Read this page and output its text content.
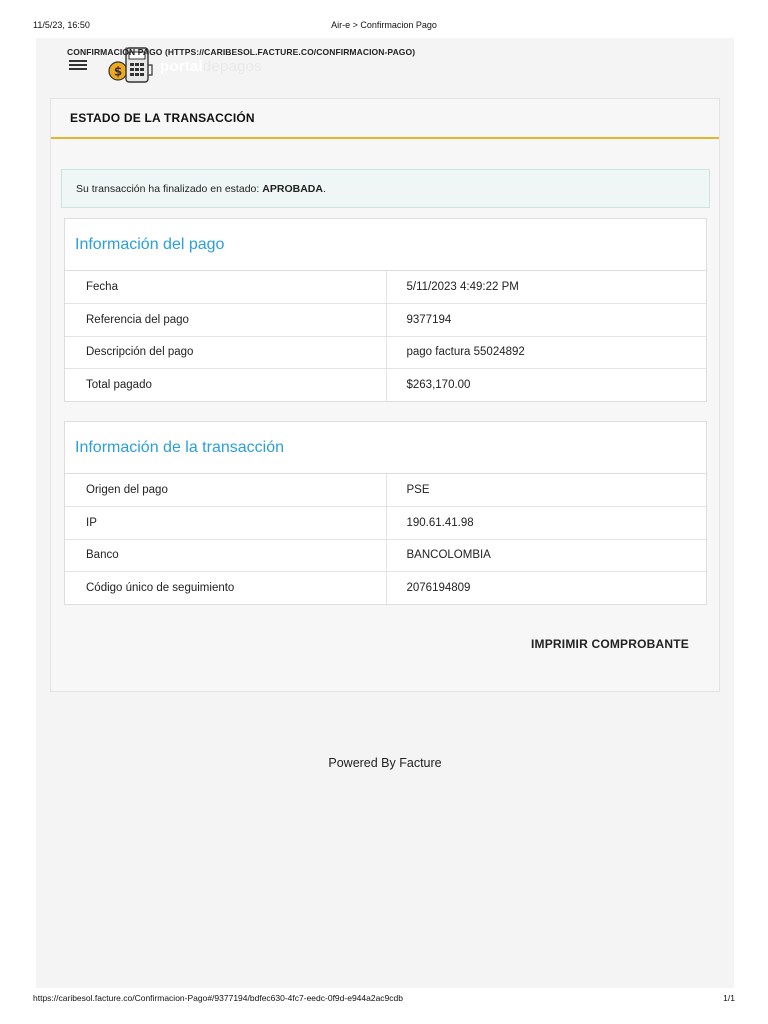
11/5/23, 16:50	Air-e > Confirmacion Pago
$	portaldepagos
CONFIRMACIÓN PAGO (HTTPS://CARIBESOL.FACTURE.CO/CONFIRMACION-PAGO)
ESTADO DE LA TRANSACCIÓN
Su transacción ha finalizado en estado: APROBADA .
Información del pago
Fecha	5/11/2023 4:49:22 PM
Referencia del pago	9377194
Descripción del pago	pago factura 55024892
Total pagado	$263,170.00
Información de la transacción
Origen del pago	PSE
IP	190.61.41.98
Banco	BANCOLOMBIA
Código único de seguimiento	2076194809
IMPRIMIR COMPROBANTE
Powered By Facture
https://caribesol.facture.co/Confirmacion-Pago#/9377194/bdfec630-4fc7-eedc-0f9d-e944a2ac9cdb	1/1
